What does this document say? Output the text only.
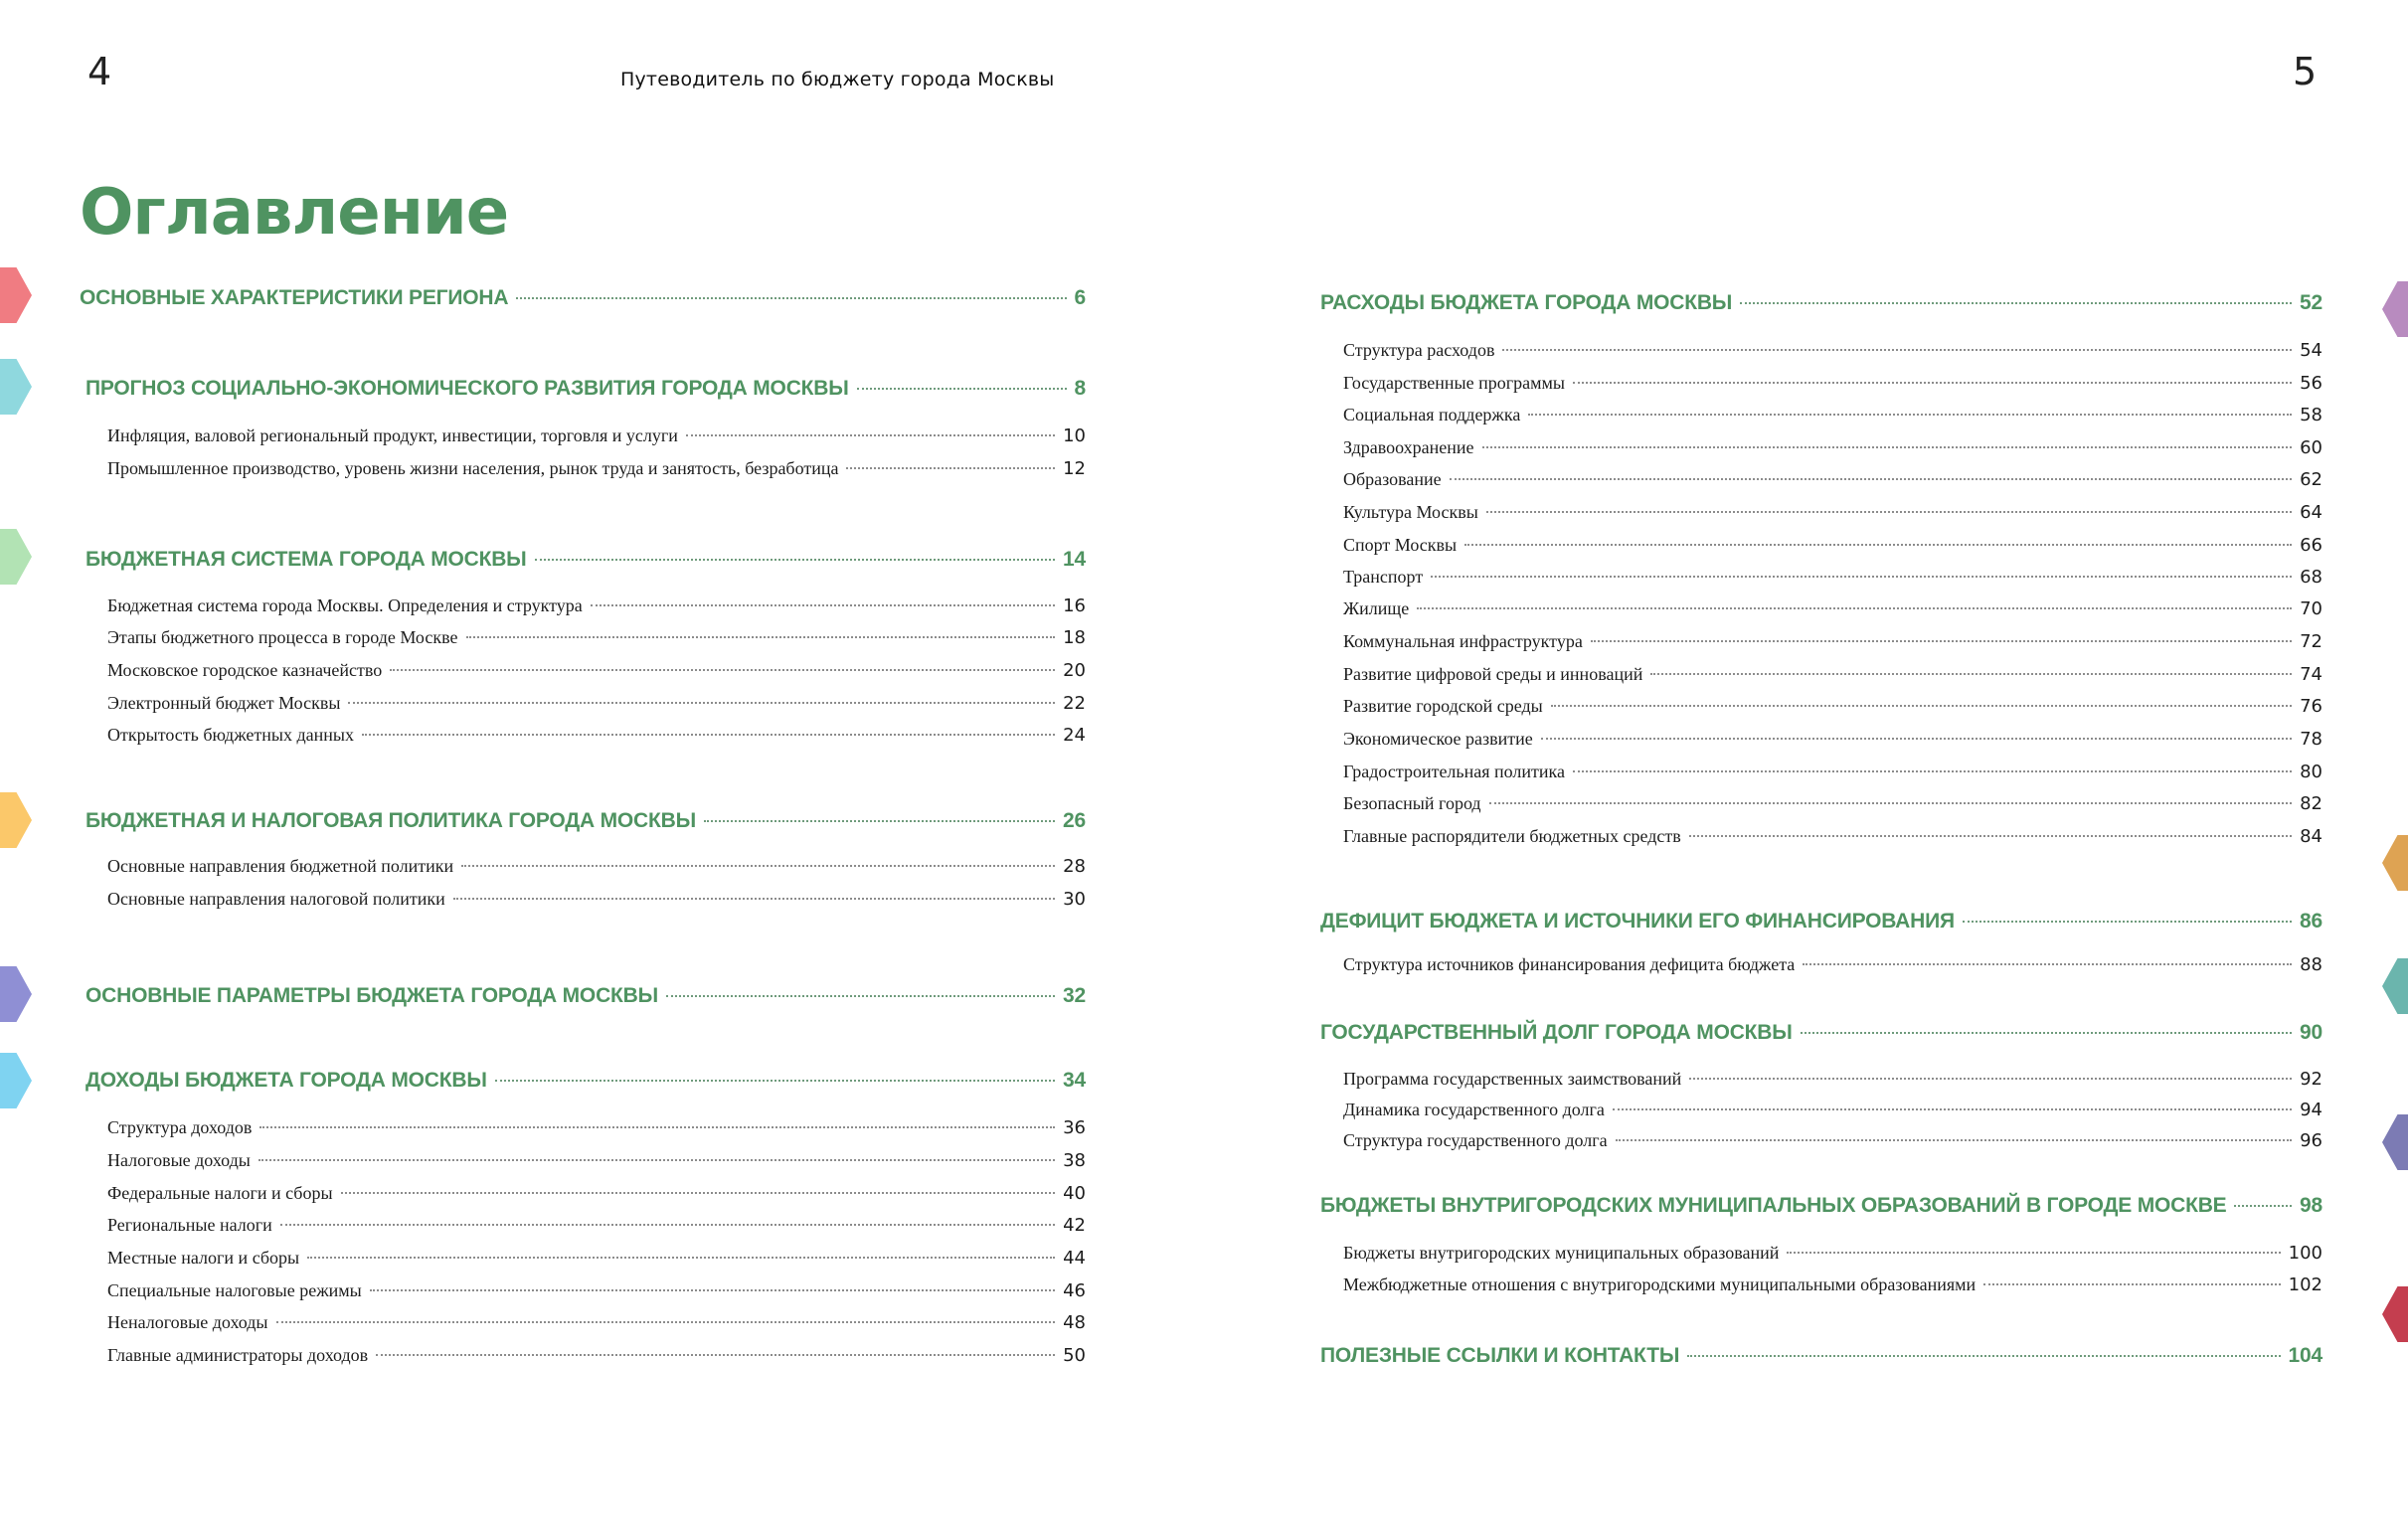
4	Путеводитель по бюджету города Москвы	5
Оглавление
ОСНОВНЫЕ ХАРАКТЕРИСТИКИ РЕГИОНА	6
ПРОГНОЗ СОЦИАЛЬНО-ЭКОНОМИЧЕСКОГО РАЗВИТИЯ ГОРОДА МОСКВЫ	8
Инфляция, валовой региональный продукт, инвестиции, торговля и услуги	10
Промышленное производство, уровень жизни населения, рынок труда и занятость, безработица	12
БЮДЖЕТНАЯ СИСТЕМА ГОРОДА МОСКВЫ	14
Бюджетная система города Москвы. Определения и структура	16
Этапы бюджетного процесса в городе Москве	18
Московское городское казначейство	20
Электронный бюджет Москвы	22
Открытость бюджетных данных	24
БЮДЖЕТНАЯ И НАЛОГОВАЯ ПОЛИТИКА ГОРОДА МОСКВЫ	26
Основные направления бюджетной политики	28
Основные направления налоговой политики	30
ОСНОВНЫЕ ПАРАМЕТРЫ БЮДЖЕТА ГОРОДА МОСКВЫ	32
ДОХОДЫ БЮДЖЕТА ГОРОДА МОСКВЫ	34
Структура доходов	36
Налоговые доходы	38
Федеральные налоги и сборы	40
Региональные налоги	42
Местные налоги и сборы	44
Специальные налоговые режимы	46
Неналоговые доходы	48
Главные администраторы доходов	50
РАСХОДЫ БЮДЖЕТА ГОРОДА МОСКВЫ	52
Структура расходов	54
Государственные программы	56
Социальная поддержка	58
Здравоохранение	60
Образование	62
Культура Москвы	64
Спорт Москвы	66
Транспорт	68
Жилище	70
Коммунальная инфраструктура	72
Развитие цифровой среды и инноваций	74
Развитие городской среды	76
Экономическое развитие	78
Градостроительная политика	80
Безопасный город	82
Главные распорядители бюджетных средств	84
ДЕФИЦИТ БЮДЖЕТА И ИСТОЧНИКИ ЕГО ФИНАНСИРОВАНИЯ	86
Структура источников финансирования дефицита бюджета	88
ГОСУДАРСТВЕННЫЙ ДОЛГ ГОРОДА МОСКВЫ	90
Программа государственных заимствований	92
Динамика государственного долга	94
Структура государственного долга	96
БЮДЖЕТЫ ВНУТРИГОРОДСКИХ МУНИЦИПАЛЬНЫХ ОБРАЗОВАНИЙ В ГОРОДЕ МОСКВЕ	98
Бюджеты внутригородских муниципальных образований	100
Межбюджетные отношения с внутригородскими муниципальными образованиями	102
ПОЛЕЗНЫЕ ССЫЛКИ И КОНТАКТЫ	104
